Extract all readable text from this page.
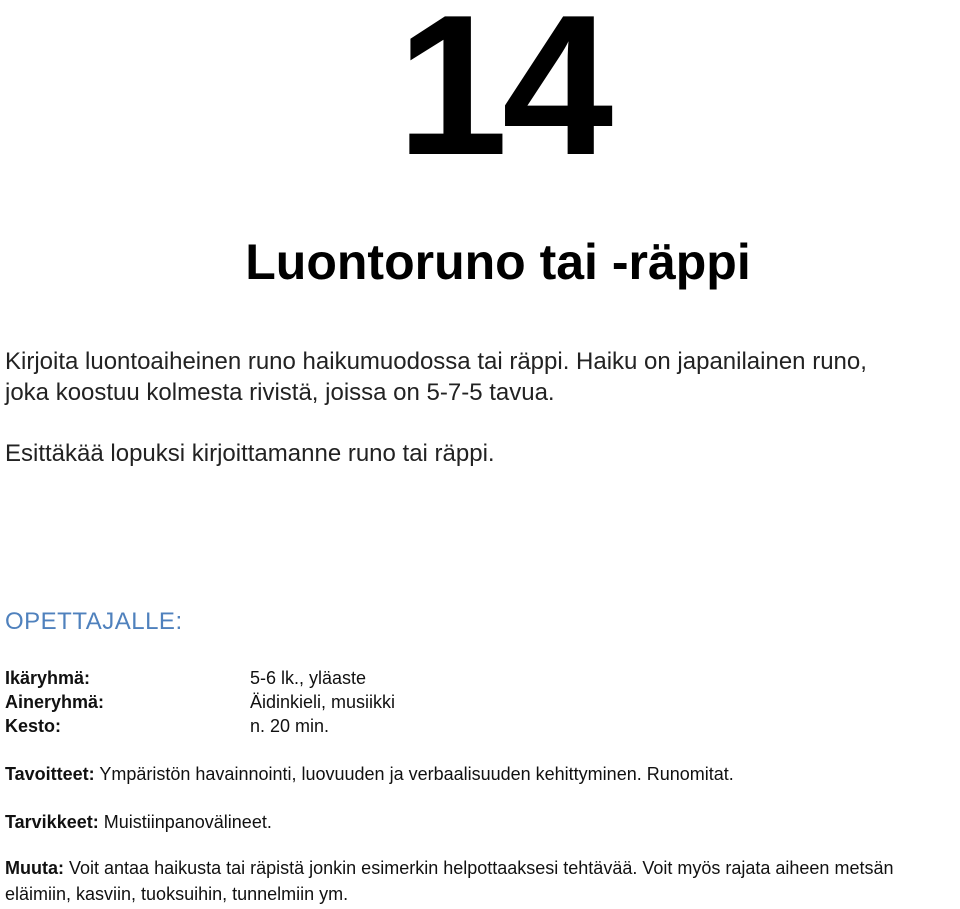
14
Luontoruno tai -räppi

Kirjoita luontoaiheinen runo haikumuodossa tai räppi. Haiku on japanilainen runo,

joka koostuu kolmesta rivistä, joissa on 5-7-5 tavua.

Esittäkää lopuksi kirjoittamanne runo tai räppi.

OPETTAJALLE:
Ikäryhmä:	5-6 lk., yläaste
Aineryhmä:	Äidinkieli, musiikki
Kesto:	n. 20 min.

Tavoitteet: Ympäristön havainnointi, luovuuden ja verbaalisuuden kehittyminen. Runomitat.

Tarvikkeet: Muistiinpanovälineet.

Muuta: Voit antaa haikusta tai räpistä jonkin esimerkin helpottaaksesi tehtävää. Voit myös rajata aiheen metsän eläimiin, kasviin, tuoksuihin, tunnelmiin ym.
